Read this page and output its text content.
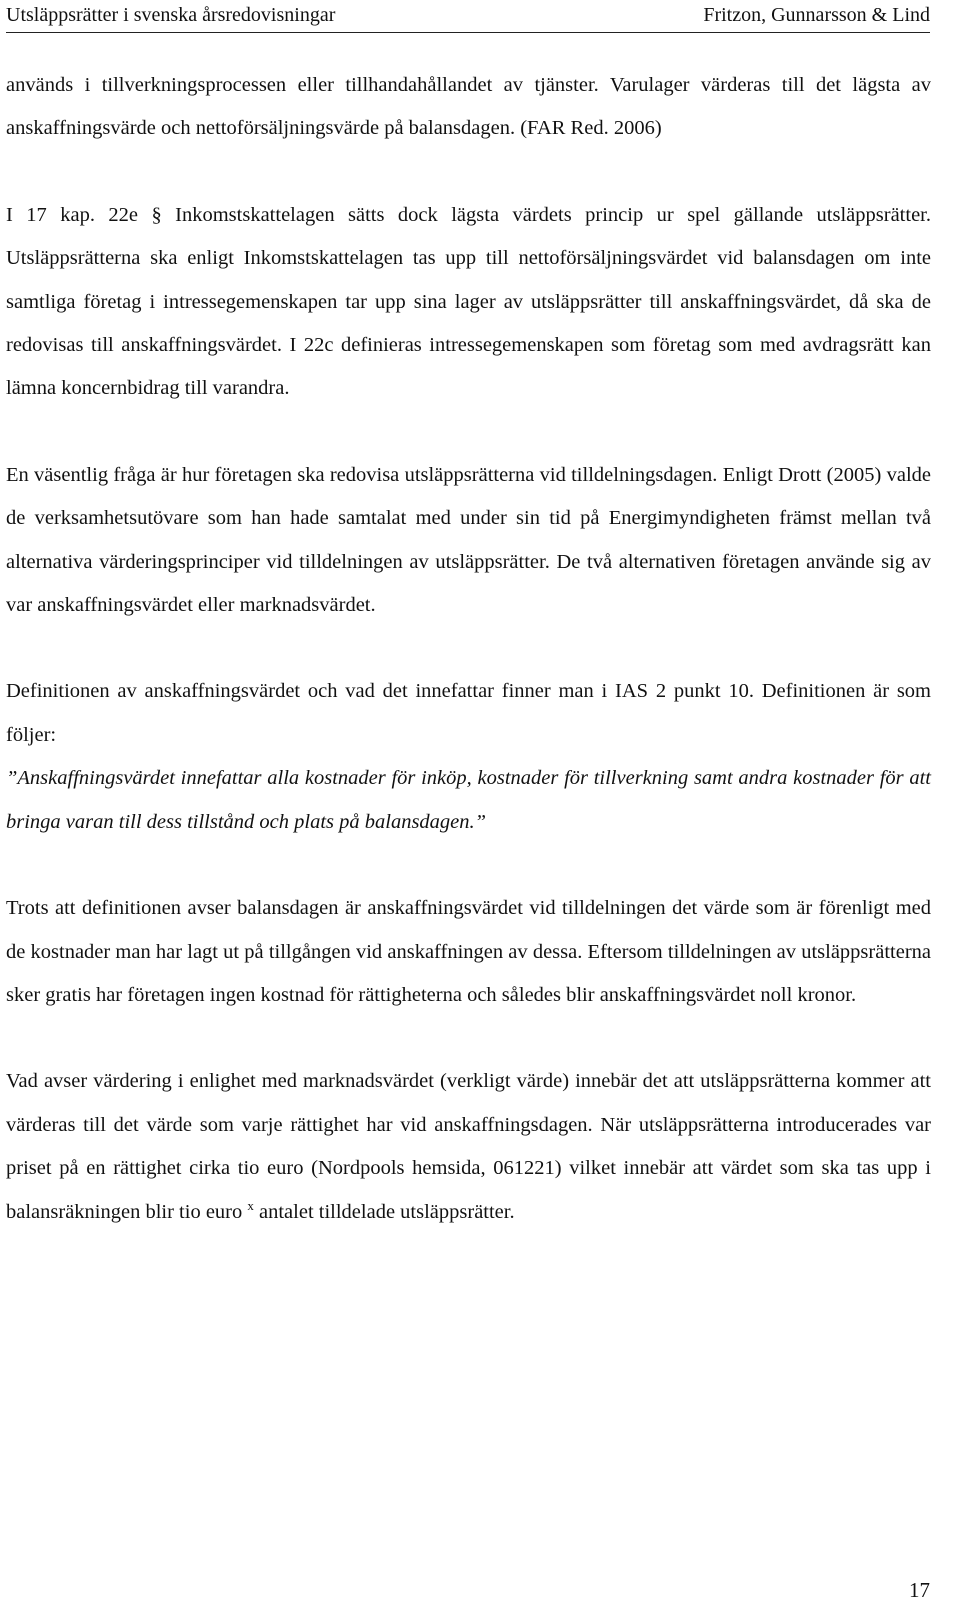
Utsläppsrätter i svenska årsredovisningar	Fritzon, Gunnarsson & Lind

används i tillverkningsprocessen eller tillhandahållandet av tjänster. Varulager värderas till det lägsta av anskaffningsvärde och nettoförsäljningsvärde på balansdagen. (FAR Red. 2006)

I 17 kap. 22e § Inkomstskattelagen sätts dock lägsta värdets princip ur spel gällande utsläppsrätter. Utsläppsrätterna ska enligt Inkomstskattelagen tas upp till nettoförsäljningsvärdet vid balansdagen om inte samtliga företag i intressegemenskapen tar upp sina lager av utsläppsrätter till anskaffningsvärdet, då ska de redovisas till anskaffningsvärdet. I 22c definieras intressegemenskapen som företag som med avdragsrätt kan lämna koncernbidrag till varandra.

En väsentlig fråga är hur företagen ska redovisa utsläppsrätterna vid tilldelningsdagen. Enligt Drott (2005) valde de verksamhetsutövare som han hade samtalat med under sin tid på Energimyndigheten främst mellan två alternativa värderingsprinciper vid tilldelningen av utsläppsrätter. De två alternativen företagen använde sig av var anskaffningsvärdet eller marknadsvärdet.

Definitionen av anskaffningsvärdet och vad det innefattar finner man i IAS 2 punkt 10. Definitionen är som följer:

”Anskaffningsvärdet innefattar alla kostnader för inköp, kostnader för tillverkning samt andra kostnader för att bringa varan till dess tillstånd och plats på balansdagen.”

Trots att definitionen avser balansdagen är anskaffningsvärdet vid tilldelningen det värde som är förenligt med de kostnader man har lagt ut på tillgången vid anskaffningen av dessa. Eftersom tilldelningen av utsläppsrätterna sker gratis har företagen ingen kostnad för rättigheterna och således blir anskaffningsvärdet noll kronor.

Vad avser värdering i enlighet med marknadsvärdet (verkligt värde) innebär det att utsläppsrätterna kommer att värderas till det värde som varje rättighet har vid anskaffningsdagen. När utsläppsrätterna introducerades var priset på en rättighet cirka tio euro (Nordpools hemsida, 061221) vilket innebär att värdet som ska tas upp i balansräkningen blir tio euro $^x$ antalet tilldelade utsläppsrätter.

17
